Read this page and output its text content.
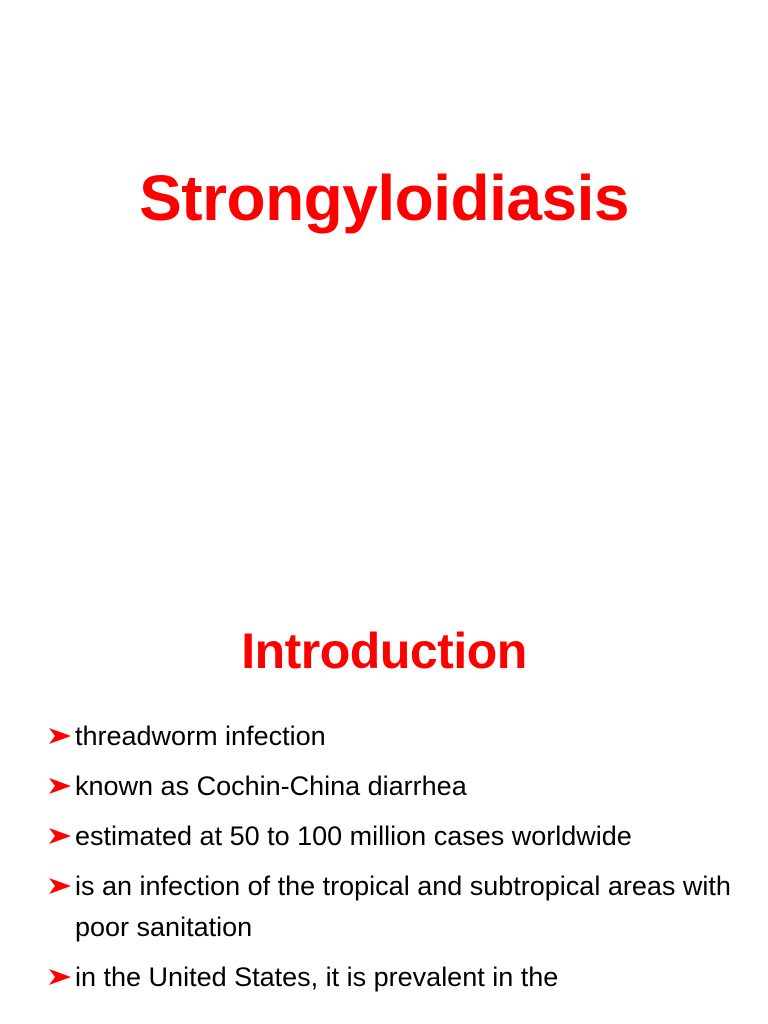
Strongyloidiasis
Introduction
threadworm infection
known as Cochin-China diarrhea
estimated at 50 to 100 million cases worldwide
is an infection of the tropical and subtropical areas with poor sanitation
in the United States, it is prevalent in the
